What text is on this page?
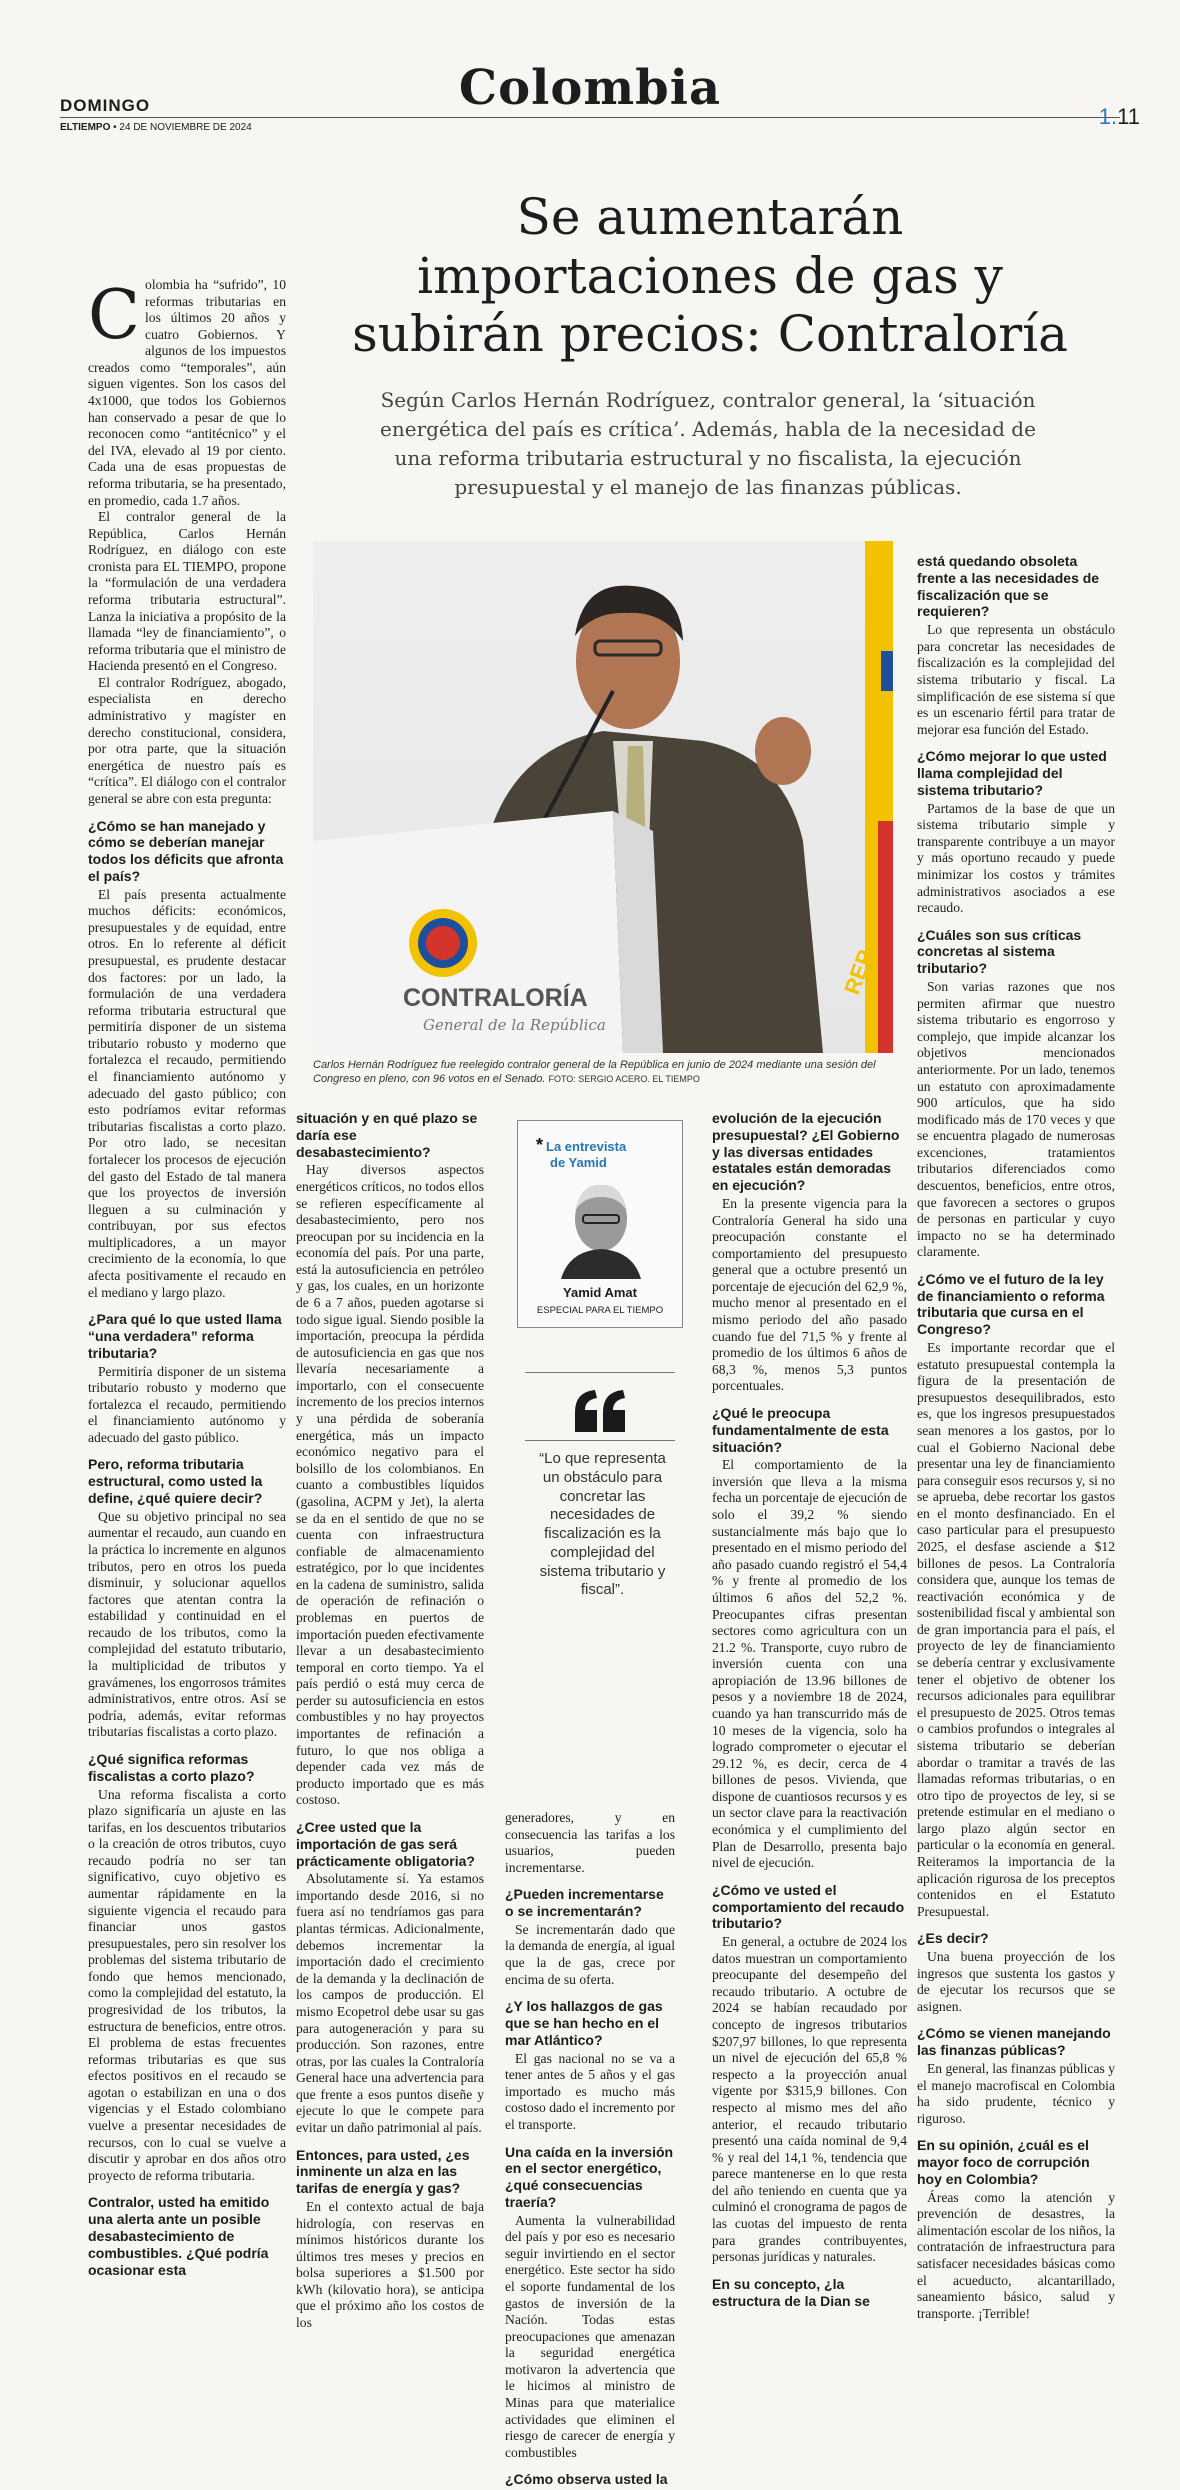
DOMINGO	Colombia
ELTIEMPO • 24 DE NOVIEMBRE DE 2024	1.11
Se aumentarán importaciones de gas y subirán precios: Contraloría

Según Carlos Hernán Rodríguez, contralor general, la ‘situación energética del país es crítica’. Además, habla de la necesidad de una reforma tributaria estructural y no fiscalista, la ejecución presupuestal y el manejo de las finanzas públicas.

REP
CONTRALORÍA
General de la República
Carlos Hernán Rodríguez fue reelegido contralor general de la República en junio de 2024 mediante una sesión del Congreso en pleno, con 96 votos en el Senado. FOTO: SERGIO ACERO. EL TIEMPO

Colombia ha “sufrido”, 10 reformas tributarias en los últimos 20 años y cuatro Gobiernos. Y algunos de los impuestos creados como “temporales”, aún siguen vigentes. Son los casos del 4x1000, que todos los Gobiernos han conservado a pesar de que lo reconocen como “antitécnico” y el del IVA, elevado al 19 por ciento. Cada una de esas propuestas de reforma tributaria, se ha presentado, en promedio, cada 1.7 años.

El contralor general de la República, Carlos Hernán Rodríguez, en diálogo con este cronista para EL TIEMPO, propone la “formulación de una verdadera reforma tributaria estructural”. Lanza la iniciativa a propósito de la llamada “ley de financiamiento”, o reforma tributaria que el ministro de Hacienda presentó en el Congreso.

El contralor Rodríguez, abogado, especialista en derecho administrativo y magíster en derecho constitucional, considera, por otra parte, que la situación energética de nuestro país es “crítica”. El diálogo con el contralor general se abre con esta pregunta:

¿Cómo se han manejado y cómo se deberían manejar todos los déficits que afronta el país?

El país presenta actualmente muchos déficits: económicos, presupuestales y de equidad, entre otros. En lo referente al déficit presupuestal, es prudente destacar dos factores: por un lado, la formulación de una verdadera reforma tributaria estructural que permitiría disponer de un sistema tributario robusto y moderno que fortalezca el recaudo, permitiendo el financiamiento autónomo y adecuado del gasto público; con esto podríamos evitar reformas tributarias fiscalistas a corto plazo. Por otro lado, se necesitan fortalecer los procesos de ejecución del gasto del Estado de tal manera que los proyectos de inversión lleguen a su culminación y contribuyan, por sus efectos multiplicadores, a un mayor crecimiento de la economía, lo que afecta positivamente el recaudo en el mediano y largo plazo.

¿Para qué lo que usted llama “una verdadera” reforma tributaria?

Permitiría disponer de un sistema tributario robusto y moderno que fortalezca el recaudo, permitiendo el financiamiento autónomo y adecuado del gasto público.

Pero, reforma tributaria estructural, como usted la define, ¿qué quiere decir?

Que su objetivo principal no sea aumentar el recaudo, aun cuando en la práctica lo incremente en algunos tributos, pero en otros los pueda disminuir, y solucionar aquellos factores que atentan contra la estabilidad y continuidad en el recaudo de los tributos, como la complejidad del estatuto tributario, la multiplicidad de tributos y gravámenes, los engorrosos trámites administrativos, entre otros. Así se podría, además, evitar reformas tributarias fiscalistas a corto plazo.

¿Qué significa reformas fiscalistas a corto plazo?

Una reforma fiscalista a corto plazo significaría un ajuste en las tarifas, en los descuentos tributarios o la creación de otros tributos, cuyo recaudo podría no ser tan significativo, cuyo objetivo es aumentar rápidamente en la siguiente vigencia el recaudo para financiar unos gastos presupuestales, pero sin resolver los problemas del sistema tributario de fondo que hemos mencionado, como la complejidad del estatuto, la progresividad de los tributos, la estructura de beneficios, entre otros. El problema de estas frecuentes reformas tributarias es que sus efectos positivos en el recaudo se agotan o estabilizan en una o dos vigencias y el Estado colombiano vuelve a presentar necesidades de recursos, con lo cual se vuelve a discutir y aprobar en dos años otro proyecto de reforma tributaria.

Contralor, usted ha emitido una alerta ante un posible desabastecimiento de combustibles. ¿Qué podría ocasionar esta
situación y en qué plazo se daría ese desabastecimiento?

Hay diversos aspectos energéticos críticos, no todos ellos se refieren específicamente al desabastecimiento, pero nos preocupan por su incidencia en la economía del país. Por una parte, está la autosuficiencia en petróleo y gas, los cuales, en un horizonte de 6 a 7 años, pueden agotarse si todo sigue igual. Siendo posible la importación, preocupa la pérdida de autosuficiencia en gas que nos llevaría necesariamente a importarlo, con el consecuente incremento de los precios internos y una pérdida de soberanía energética, más un impacto económico negativo para el bolsillo de los colombianos. En cuanto a combustibles líquidos (gasolina, ACPM y Jet), la alerta se da en el sentido de que no se cuenta con infraestructura confiable de almacenamiento estratégico, por lo que incidentes en la cadena de suministro, salida de operación de refinación o problemas en puertos de importación pueden efectivamente llevar a un desabastecimiento temporal en corto tiempo. Ya el país perdió o está muy cerca de perder su autosuficiencia en estos combustibles y no hay proyectos importantes de refinación a futuro, lo que nos obliga a depender cada vez más de producto importado que es más costoso.

¿Cree usted que la importación de gas será prácticamente obligatoria?

Absolutamente sí. Ya estamos importando desde 2016, si no fuera así no tendríamos gas para plantas térmicas. Adicionalmente, debemos incrementar la importación dado el crecimiento de la demanda y la declinación de los campos de producción. El mismo Ecopetrol debe usar su gas para autogeneración y para su producción. Son razones, entre otras, por las cuales la Contraloría General hace una advertencia para que frente a esos puntos diseñe y ejecute lo que le compete para evitar un daño patrimonial al país.

Entonces, para usted, ¿es inminente un alza en las tarifas de energía y gas?

En el contexto actual de baja hidrología, con reservas en mínimos históricos durante los últimos tres meses y precios en bolsa superiores a $1.500 por kWh (kilovatio hora), se anticipa que el próximo año los costos de los

* La entrevista
de Yamid
Yamid Amat
ESPECIAL PARA EL TIEMPO
“Lo que representa un obstáculo para concretar las necesidades de fiscalización es la complejidad del sistema tributario y fiscal”.

generadores, y en consecuencia las tarifas a los usuarios, pueden incrementarse.

¿Pueden incrementarse o se incrementarán?

Se incrementarán dado que la demanda de energía, al igual que la de gas, crece por encima de su oferta.

¿Y los hallazgos de gas que se han hecho en el mar Atlántico?

El gas nacional no se va a tener antes de 5 años y el gas importado es mucho más costoso dado el incremento por el transporte.

Una caída en la inversión en el sector energético, ¿qué consecuencias traería?

Aumenta la vulnerabilidad del país y por eso es necesario seguir invirtiendo en el sector energético. Este sector ha sido el soporte fundamental de los gastos de inversión de la Nación. Todas estas preocupaciones que amenazan la seguridad energética motivaron la advertencia que le hicimos al ministro de Minas para que materialice actividades que eliminen el riesgo de carecer de energía y combustibles

¿Cómo observa usted la
evolución de la ejecución presupuestal? ¿El Gobierno y las diversas entidades estatales están demoradas en ejecución?

En la presente vigencia para la Contraloría General ha sido una preocupación constante el comportamiento del presupuesto general que a octubre presentó un porcentaje de ejecución del 62,9 %, mucho menor al presentado en el mismo periodo del año pasado cuando fue del 71,5 % y frente al promedio de los últimos 6 años de 68,3 %, menos 5,3 puntos porcentuales.

¿Qué le preocupa fundamentalmente de esta situación?

El comportamiento de la inversión que lleva a la misma fecha un porcentaje de ejecución de solo el 39,2 % siendo sustancialmente más bajo que lo presentado en el mismo periodo del año pasado cuando registró el 54,4 % y frente al promedio de los últimos 6 años del 52,2 %. Preocupantes cifras presentan sectores como agricultura con un 21.2 %. Transporte, cuyo rubro de inversión cuenta con una apropiación de 13.96 billones de pesos y a noviembre 18 de 2024, cuando ya han transcurrido más de 10 meses de la vigencia, solo ha logrado comprometer o ejecutar el 29.12 %, es decir, cerca de 4 billones de pesos. Vivienda, que dispone de cuantiosos recursos y es un sector clave para la reactivación económica y el cumplimiento del Plan de Desarrollo, presenta bajo nivel de ejecución.

¿Cómo ve usted el comportamiento del recaudo tributario?

En general, a octubre de 2024 los datos muestran un comportamiento preocupante del desempeño del recaudo tributario. A octubre de 2024 se habían recaudado por concepto de ingresos tributarios $207,97 billones, lo que representa un nivel de ejecución del 65,8 % respecto a la proyección anual vigente por $315,9 billones. Con respecto al mismo mes del año anterior, el recaudo tributario presentó una caída nominal de 9,4 % y real del 14,1 %, tendencia que parece mantenerse en lo que resta del año teniendo en cuenta que ya culminó el cronograma de pagos de las cuotas del impuesto de renta para grandes contribuyentes, personas jurídicas y naturales.

En su concepto, ¿la estructura de la Dian se
está quedando obsoleta frente a las necesidades de fiscalización que se requieren?

Lo que representa un obstáculo para concretar las necesidades de fiscalización es la complejidad del sistema tributario y fiscal. La simplificación de ese sistema sí que es un escenario fértil para tratar de mejorar esa función del Estado.

¿Cómo mejorar lo que usted llama complejidad del sistema tributario?

Partamos de la base de que un sistema tributario simple y transparente contribuye a un mayor y más oportuno recaudo y puede minimizar los costos y trámites administrativos asociados a ese recaudo.

¿Cuáles son sus críticas concretas al sistema tributario?

Son varias razones que nos permiten afirmar que nuestro sistema tributario es engorroso y complejo, que impide alcanzar los objetivos mencionados anteriormente. Por un lado, tenemos un estatuto con aproximadamente 900 artículos, que ha sido modificado más de 170 veces y que se encuentra plagado de numerosas excenciones, tratamientos tributarios diferenciados como descuentos, beneficios, entre otros, que favorecen a sectores o grupos de personas en particular y cuyo impacto no se ha determinado claramente.

¿Cómo ve el futuro de la ley de financiamiento o reforma tributaria que cursa en el Congreso?

Es importante recordar que el estatuto presupuestal contempla la figura de la presentación de presupuestos desequilibrados, esto es, que los ingresos presupuestados sean menores a los gastos, por lo cual el Gobierno Nacional debe presentar una ley de financiamiento para conseguir esos recursos y, si no se aprueba, debe recortar los gastos en el monto desfinanciado. En el caso particular para el presupuesto 2025, el desfase asciende a $12 billones de pesos. La Contraloría considera que, aunque los temas de reactivación económica y de sostenibilidad fiscal y ambiental son de gran importancia para el país, el proyecto de ley de financiamiento se debería centrar y exclusivamente tener el objetivo de obtener los recursos adicionales para equilibrar el presupuesto de 2025. Otros temas o cambios profundos o integrales al sistema tributario se deberían abordar o tramitar a través de las llamadas reformas tributarias, o en otro tipo de proyectos de ley, si se pretende estimular en el mediano o largo plazo algún sector en particular o la economía en general. Reiteramos la importancia de la aplicación rigurosa de los preceptos contenidos en el Estatuto Presupuestal.

¿Es decir?

Una buena proyección de los ingresos que sustenta los gastos y de ejecutar los recursos que se asignen.

¿Cómo se vienen manejando las finanzas públicas?

En general, las finanzas públicas y el manejo macrofiscal en Colombia ha sido prudente, técnico y riguroso.

En su opinión, ¿cuál es el mayor foco de corrupción hoy en Colombia?

Áreas como la atención y prevención de desastres, la alimentación escolar de los niños, la contratación de infraestructura para satisfacer necesidades básicas como el acueducto, alcantarillado, saneamiento básico, salud y transporte. ¡Terrible!
